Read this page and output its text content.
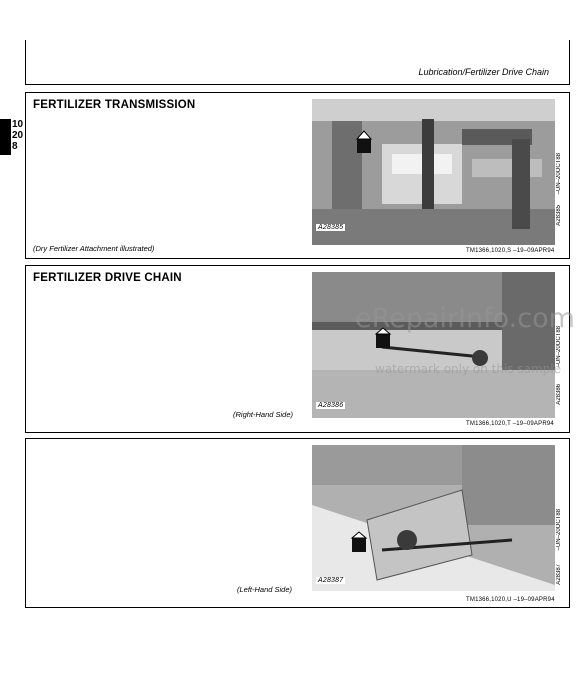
Lubrication/Fertilizer Drive Chain
10
20
8
FERTILIZER TRANSMISSION
(Dry Fertilizer Attachment illustrated)
A28385
–UN–20OCT88
A28385
TM1366,1020,S –19–09APR94
FERTILIZER DRIVE CHAIN
(Right-Hand Side)
A28386
–UN–20OCT88
A28386
TM1366,1020,T –19–09APR94
(Left-Hand Side)
A28387
–UN–20OCT88
A28387
TM1366,1020,U –19–09APR94
eRepairInfo.com
watermark only on this sample
